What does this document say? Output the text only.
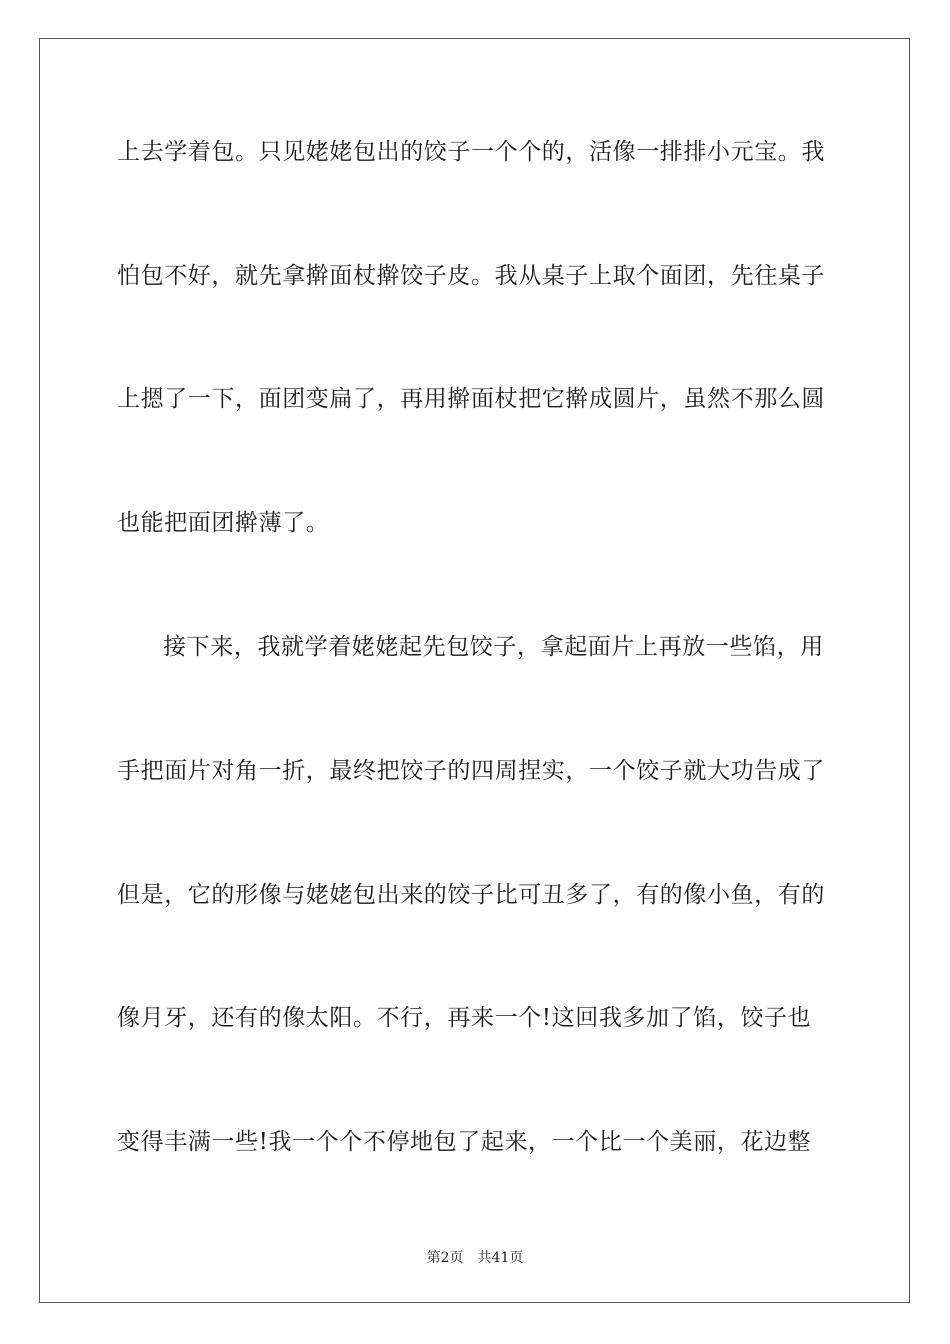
上去学着包。只见姥姥包出的饺子一个个的，活像一排排小元宝。我
怕包不好，就先拿擀面杖擀饺子皮。我从桌子上取个面团，先往桌子
上摁了一下，面团变扁了，再用擀面杖把它擀成圆片，虽然不那么圆
也能把面团擀薄了。
接下来，我就学着姥姥起先包饺子，拿起面片上再放一些馅，用
手把面片对角一折，最终把饺子的四周捏实，一个饺子就大功告成了
但是，它的形像与姥姥包出来的饺子比可丑多了，有的像小鱼，有的
像月牙，还有的像太阳。不行，再来一个!这回我多加了馅，饺子也
变得丰满一些!我一个个不停地包了起来，一个比一个美丽，花边整
第2页 共41页
